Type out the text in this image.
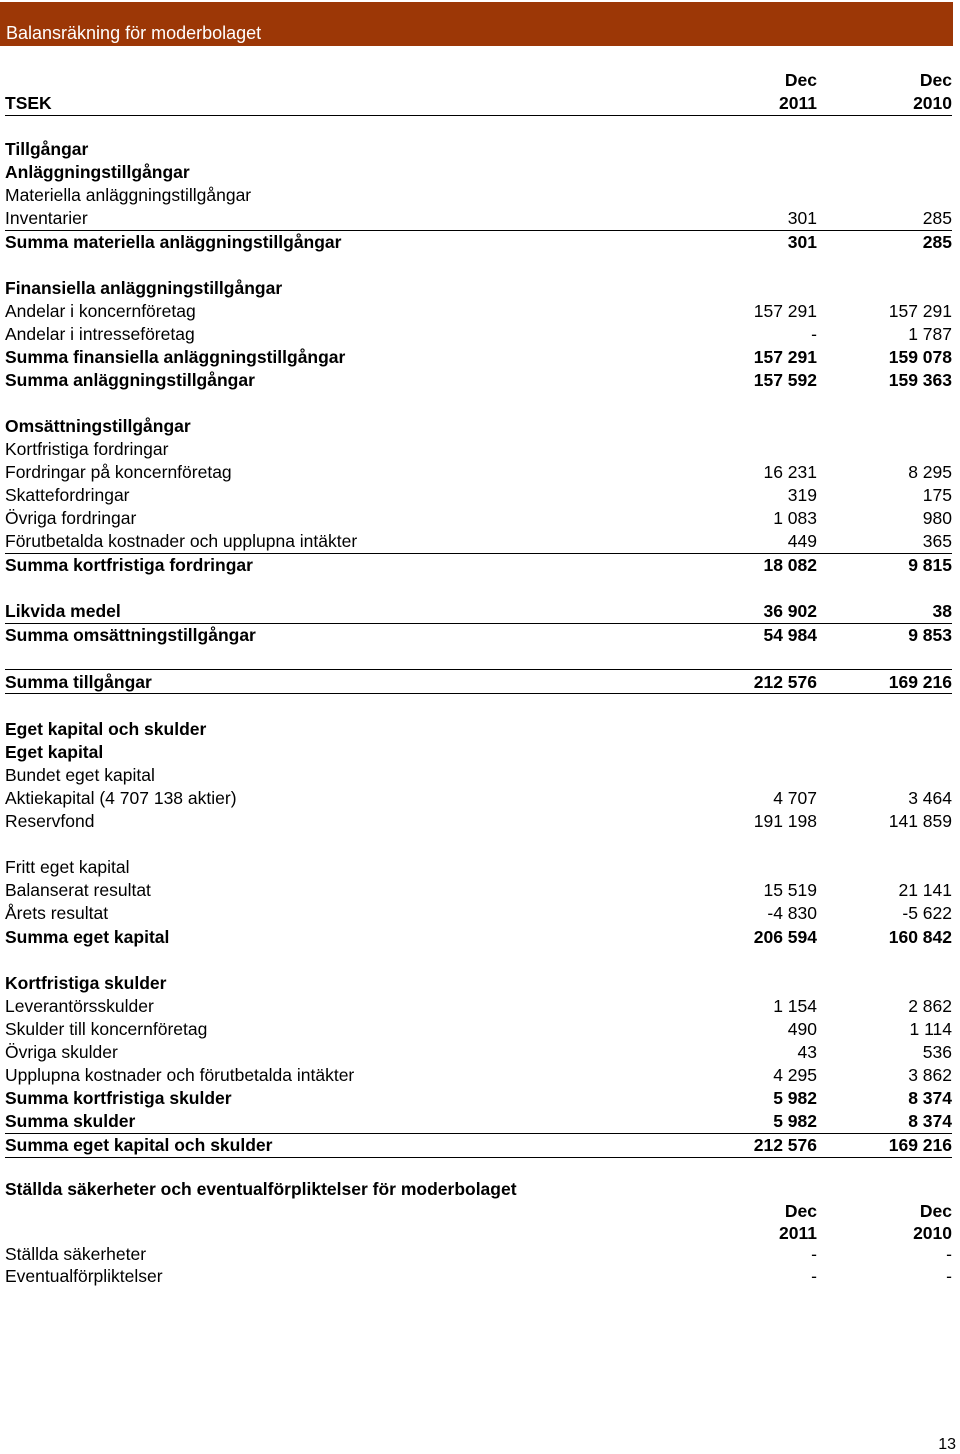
Balansräkning för moderbolaget
Dec	Dec
TSEK	2011	2010
Tillgångar
Anläggningstillgångar
Materiella anläggningstillgångar
Inventarier	301	285
Summa materiella anläggningstillgångar	301	285
Finansiella anläggningstillgångar
Andelar i koncernföretag	157 291	157 291
Andelar i intresseföretag	-	1 787
Summa finansiella anläggningstillgångar	157 291	159 078
Summa anläggningstillgångar	157 592	159 363
Omsättningstillgångar
Kortfristiga fordringar
Fordringar på koncernföretag	16 231	8 295
Skattefordringar	319	175
Övriga fordringar	1 083	980
Förutbetalda kostnader och upplupna intäkter	449	365
Summa kortfristiga fordringar	18 082	9 815
Likvida medel	36 902	38
Summa omsättningstillgångar	54 984	9 853
Summa tillgångar	212 576	169 216
Eget kapital och skulder
Eget kapital
Bundet eget kapital
Aktiekapital (4 707 138 aktier)	4 707	3 464
Reservfond	191 198	141 859
Fritt eget kapital
Balanserat resultat	15 519	21 141
Årets resultat	-4 830	-5 622
Summa eget kapital	206 594	160 842
Kortfristiga skulder
Leverantörsskulder	1 154	2 862
Skulder till koncernföretag	490	1 114
Övriga skulder	43	536
Upplupna kostnader och förutbetalda intäkter	4 295	3 862
Summa kortfristiga skulder	5 982	8 374
Summa skulder	5 982	8 374
Summa eget kapital och skulder	212 576	169 216
Ställda säkerheter och eventualförpliktelser för moderbolaget
Dec	Dec
2011	2010
Ställda säkerheter	-	-
Eventualförpliktelser	-	-
13
